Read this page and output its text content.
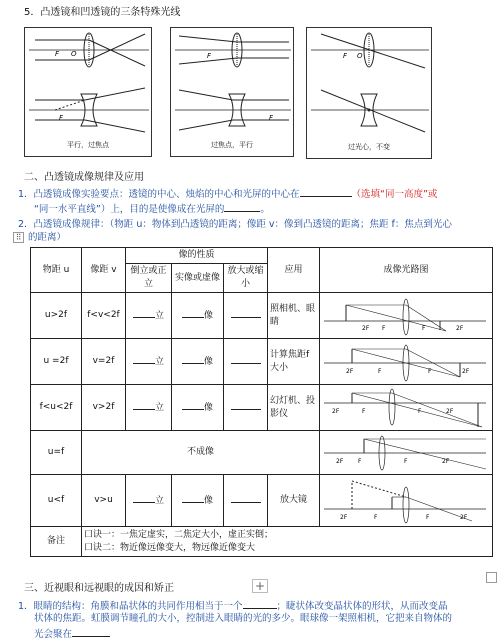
5．凸透镜和凹透镜的三条特殊光线
F O
F
平行，过焦点
F
F
过焦点，平行
F O
过光心，不变
二、凸透镜成像规律及应用
1．凸透镜成像实验要点：透镜的中心、烛焰的中心和光屏的中心在	（选填“同一高度”或
“同一水平直线”）上，目的是使像成在光屏的	。
2．凸透镜成像规律：（物距 u：物体到凸透镜的距离；像距 v：像到凸透镜的距离；焦距 f：焦点到光心
⠿ 的距离）
物距 u	像距 v	像的性质			应用	成像光路图
		倒立或正立	实像或虚像	放大或缩小		
u>2f	f<v<2f	立	像		照相机、眼睛	2F F F 2F

u =2f	v=2f	立	像		计算焦距f大小	2F F F 2F

f<u<2f	v>2f	立	像		幻灯机、投影仪	2F F F 2F

u=f	不成像					2F F F 2F

u<f	v>u	立	像		放大镜	2F F F 2F

备注	口诀一：一焦定虚实，二焦定大小，虚正实倒；
口诀二：物近像远像变大，物远像近像变大					
三、近视眼和远视眼的成因和矫正	+
1．眼睛的结构：角膜和晶状体的共同作用相当于一个	；睫状体改变晶状体的形状，从而改变晶
状体的焦距。虹膜调节瞳孔的大小，控制进入眼睛的光的多少。眼球像一架照相机，它把来自物体的
光会聚在
